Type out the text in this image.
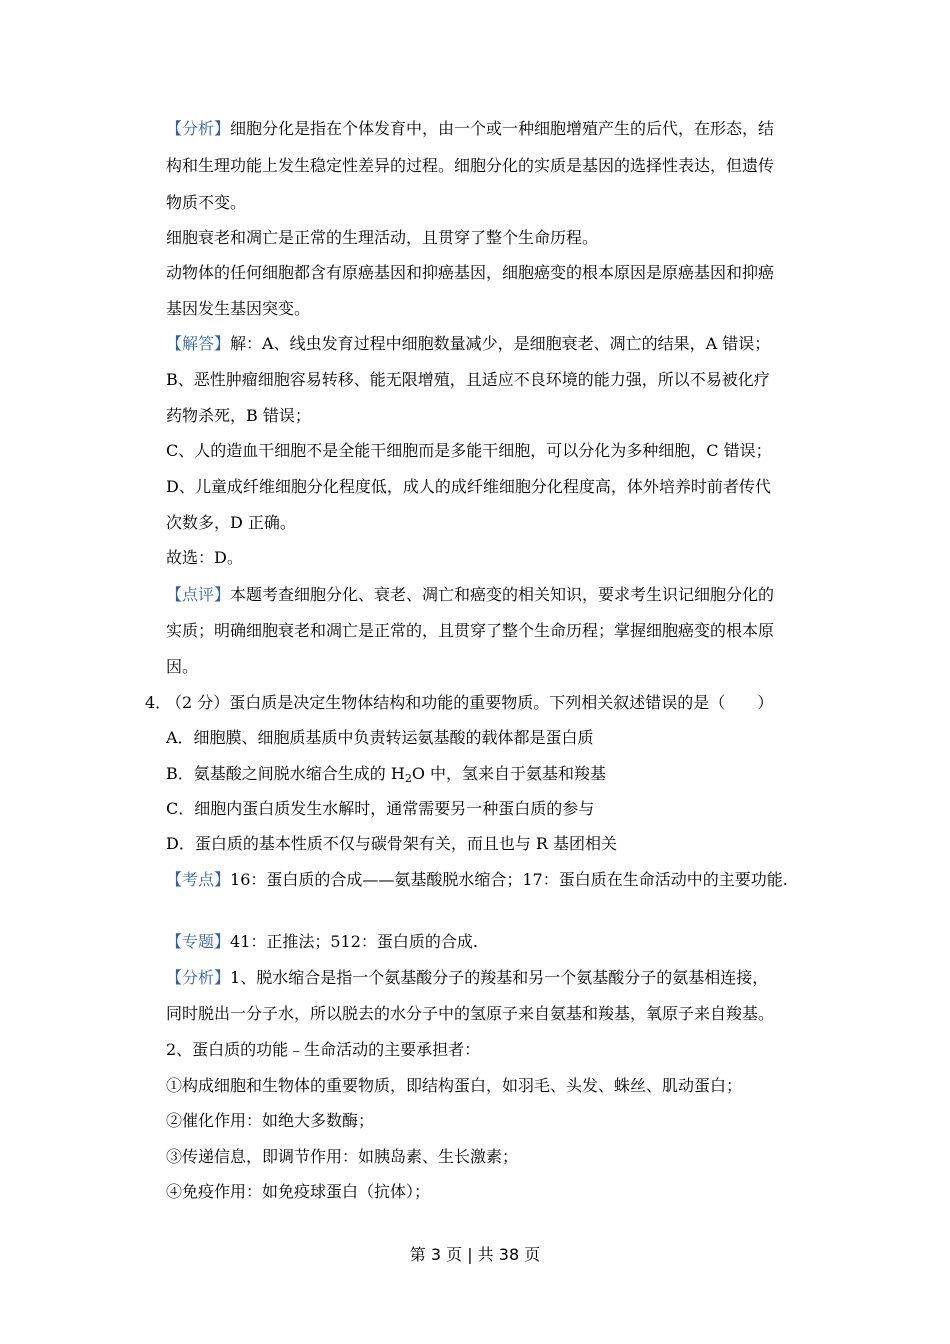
【分析】细胞分化是指在个体发育中，由一个或一种细胞增殖产生的后代，在形态，结
构和生理功能上发生稳定性差异的过程。细胞分化的实质是基因的选择性表达，但遗传
物质不变。
细胞衰老和凋亡是正常的生理活动，且贯穿了整个生命历程。
动物体的任何细胞都含有原癌基因和抑癌基因，细胞癌变的根本原因是原癌基因和抑癌
基因发生基因突变。
【解答】解：A、线虫发育过程中细胞数量减少，是细胞衰老、凋亡的结果，A 错误；
B、恶性肿瘤细胞容易转移、能无限增殖，且适应不良环境的能力强，所以不易被化疗
药物杀死，B 错误；
C、人的造血干细胞不是全能干细胞而是多能干细胞，可以分化为多种细胞，C 错误；
D、儿童成纤维细胞分化程度低，成人的成纤维细胞分化程度高，体外培养时前者传代
次数多，D 正确。
故选：D。
【点评】本题考查细胞分化、衰老、凋亡和癌变的相关知识，要求考生识记细胞分化的
实质；明确细胞衰老和凋亡是正常的，且贯穿了整个生命历程；掌握细胞癌变的根本原
因。
4．
（2 分）蛋白质是决定生物体结构和功能的重要物质。下列相关叙述错误的是（　　）
A．细胞膜、细胞质基质中负责转运氨基酸的载体都是蛋白质
B．氨基酸之间脱水缩合生成的 $H_2O$ 中，氢来自于氨基和羧基
C．细胞内蛋白质发生水解时，通常需要另一种蛋白质的参与
D．蛋白质的基本性质不仅与碳骨架有关，而且也与 R 基团相关
【考点】16：蛋白质的合成——氨基酸脱水缩合；17：蛋白质在生命活动中的主要功能.
【专题】41：正推法；512：蛋白质的合成.
【分析】1、脱水缩合是指一个氨基酸分子的羧基和另一个氨基酸分子的氨基相连接，
同时脱出一分子水，所以脱去的水分子中的氢原子来自氨基和羧基，氧原子来自羧基。
2、蛋白质的功能﹣生命活动的主要承担者：
①构成细胞和生物体的重要物质，即结构蛋白，如羽毛、头发、蛛丝、肌动蛋白；
②催化作用：如绝大多数酶；
③传递信息，即调节作用：如胰岛素、生长激素；
④免疫作用：如免疫球蛋白（抗体）；
第 3 页 | 共 38 页
